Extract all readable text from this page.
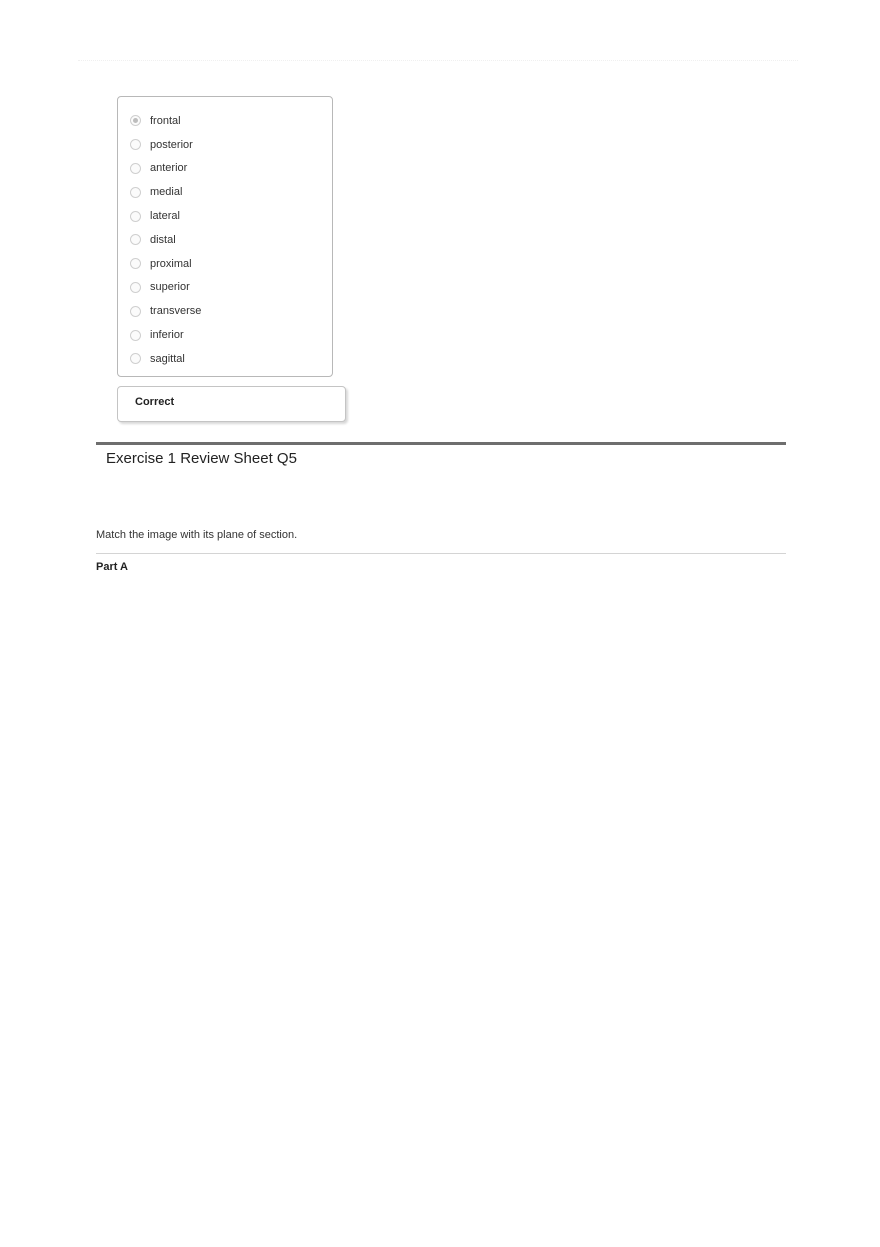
frontal
posterior
anterior
medial
lateral
distal
proximal
superior
transverse
inferior
sagittal
Correct
Exercise 1 Review Sheet Q5
Match the image with its plane of section.
Part A
